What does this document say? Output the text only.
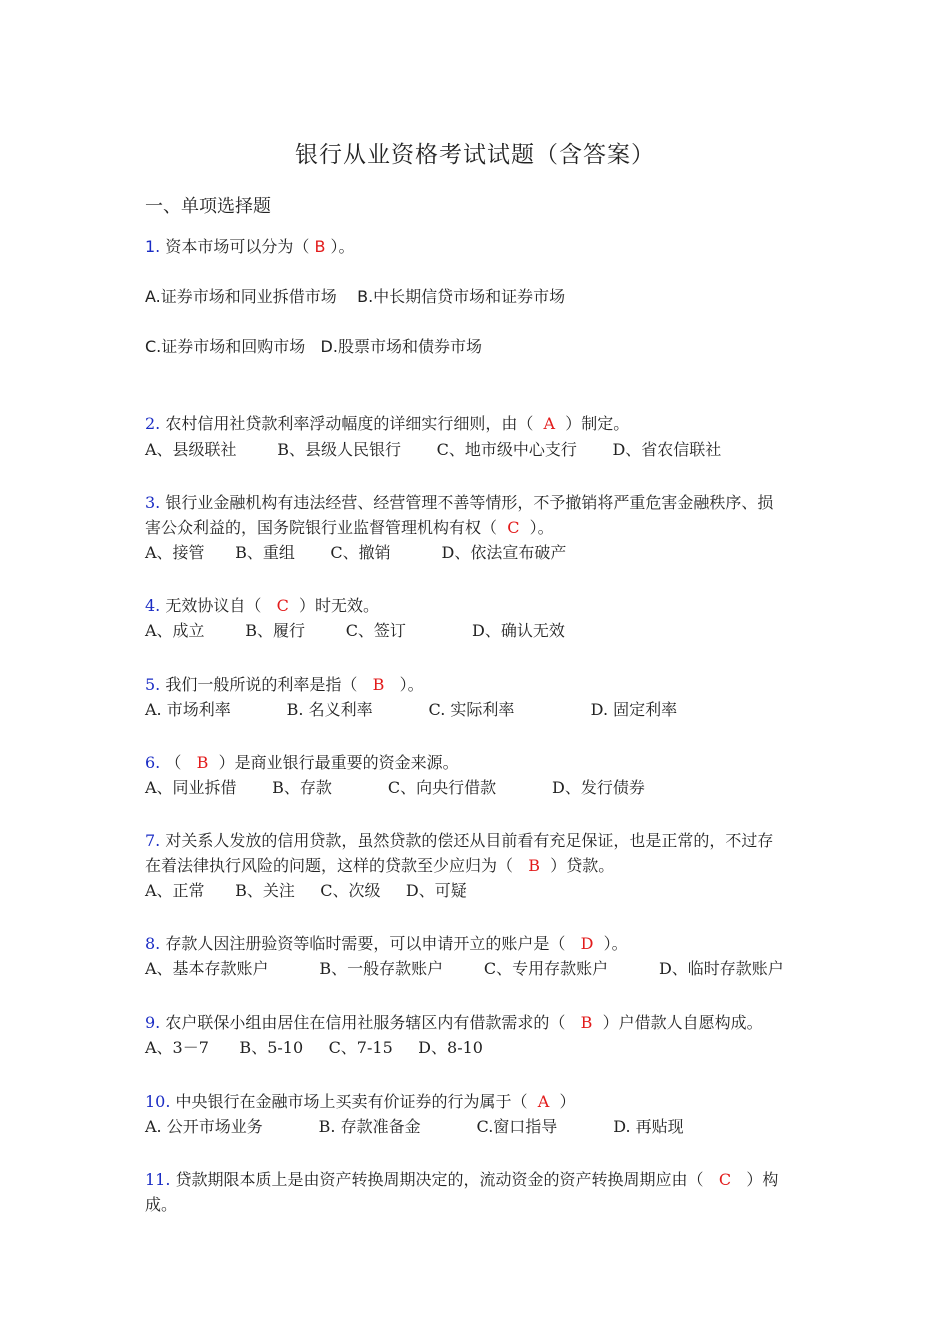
银行从业资格考试试题（含答案）
一、单项选择题
1. 资本市场可以分为（ B ）。
A.证券市场和同业拆借市场    B.中长期信贷市场和证券市场
C.证券市场和回购市场   D.股票市场和债券市场
2. 农村信用社贷款利率浮动幅度的详细实行细则，由（  A  ）制定。
A、县级联社        B、县级人民银行       C、地市级中心支行       D、省农信联社
3. 银行业金融机构有违法经营、经营管理不善等情形，不予撤销将严重危害金融秩序、损
害公众利益的，国务院银行业监督管理机构有权（  C  ）。
A、接管      B、重组       C、撤销          D、依法宣布破产
4. 无效协议自（   C  ）时无效。
A、成立        B、履行        C、签订             D、确认无效
5. 我们一般所说的利率是指（   B   ）。
A. 市场利率           B. 名义利率           C. 实际利率               D. 固定利率
6. （   B  ）是商业银行最重要的资金来源。
A、同业拆借       B、存款           C、向央行借款           D、发行债券
7. 对关系人发放的信用贷款，虽然贷款的偿还从目前看有充足保证，也是正常的，不过存
在着法律执行风险的问题，这样的贷款至少应归为（   B  ）贷款。
A、正常      B、关注     C、次级     D、可疑
8. 存款人因注册验资等临时需要，可以申请开立的账户是（   D  ）。
A、基本存款账户          B、一般存款账户        C、专用存款账户          D、临时存款账户
9. 农户联保小组由居住在信用社服务辖区内有借款需求的（   B  ）户借款人自愿构成。
A、3－7      B、5-10     C、7-15     D、8-10
10. 中央银行在金融市场上买卖有价证券的行为属于（  A  ）
A. 公开市场业务           B. 存款准备金           C.窗口指导           D. 再贴现
11. 贷款期限本质上是由资产转换周期决定的，流动资金的资产转换周期应由（   C   ）构
成。
